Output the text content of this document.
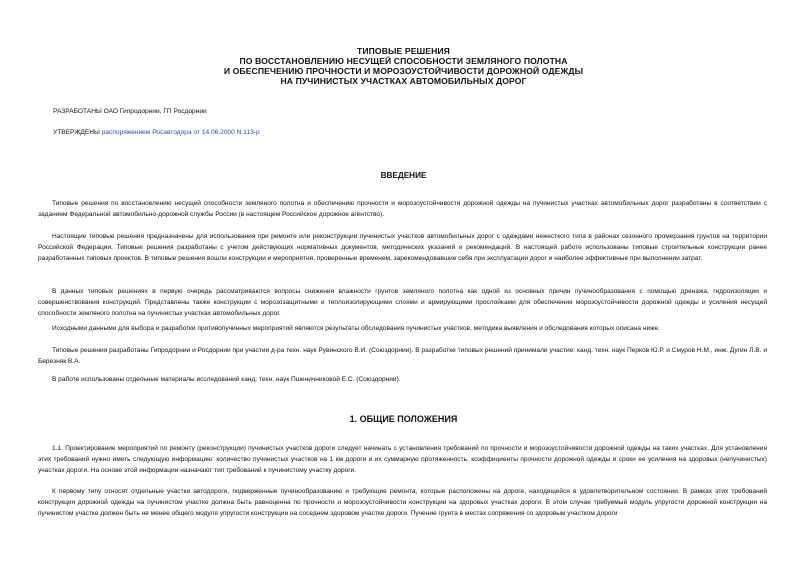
ТИПОВЫЕ РЕШЕНИЯ
ПО ВОССТАНОВЛЕНИЮ НЕСУЩЕЙ СПОСОБНОСТИ ЗЕМЛЯНОГО ПОЛОТНА
И ОБЕСПЕЧЕНИЮ ПРОЧНОСТИ И МОРОЗОУСТОЙЧИВОСТИ ДОРОЖНОЙ ОДЕЖДЫ
НА ПУЧИНИСТЫХ УЧАСТКАХ АВТОМОБИЛЬНЫХ ДОРОГ
РАЗРАБОТАНЫ ОАО Гипродорнии, ГП Росдорнии
УТВЕРЖДЕНЫ распоряжением Росавтодора от 14.06.2000 N 113-р
ВВЕДЕНИЕ
Типовые решения по восстановлению несущей способности земляного полотна и обеспечению прочности и морозоустойчивости дорожной одежды на пучинистых участках автомобильных дорог разработаны в соответствии с заданием Федеральной автомобильно-дорожной службы России (в настоящем Российское дорожное агентство).
Настоящие типовые решения предназначены для использования при ремонте или реконструкции пучинистых участков автомобильных дорог с одеждами нежесткого типа в районах сезонного промерзания грунтов на территории Российской Федерации. Типовые решения разработаны с учетом действующих нормативных документов, методических указаний и рекомендаций. В настоящей работе использованы типовые строительные конструкции ранее разработанных типовых проектов. В типовые решения вошли конструкции и мероприятия, проверенные временем, зарекомендовавшие себя при эксплуатации дорог и наиболее эффективные при выполнении затрат.
В данных типовых решениях в первую очередь рассматриваются вопросы снижения влажности грунтов земляного полотна как одной из основных причин пучинообразования с помощью дренажа, гидроизоляции и совершенствования конструкций. Представлены также конструкции с морозозащитными и теплоизолирующими слоями и армирующими прослойками для обеспечения морозоустойчивости дорожной одежды и усиления несущей способности земляного полотна на пучинистых участках автомобильных дорог.
Исходными данными для выбора и разработки противопучинных мероприятий являются результаты обследования пучинистых участков, методика выявления и обследования которых описана ниже.
Типовые решения разработаны Гипродорнии и Росдорнии при участии д-ра техн. наук Рувинского В.И. (Союздорнии). В разработке типовых решений принимали участие: канд. техн. наук Перков Ю.Р. и Смуров Н.М., инж. Дугин Л.В. и Березняк В.А.
В работе использованы отдельные материалы исследований канд. техн. наук Пшеничниковой Е.С. (Союздорнии).
1. ОБЩИЕ ПОЛОЖЕНИЯ
1.1. Проектирование мероприятий по ремонту (реконструкции) пучинистых участков дороги следует начинать с установления требований по прочности и морозоустойчивости дорожной одежды на таких участках. Для установления этих требований нужно иметь следующую информацию: количество пучинистых участков на 1 км дороги и их суммарную протяженность, коэффициенты прочности дорожной одежды и сроки ее усиления на здоровых (непучинистых) участках дороги. На основе этой информации назначают тип требований к пучинистому участку дороги.
К первому типу относят отдельные участки автодороги, подверженные пучинообразованию и требующие ремонта, которые расположены на дороге, находящейся в удовлетворительном состоянии. В рамках этих требований конструкция дорожной одежды на пучинистом участке должна быть равноценна по прочности и морозоустойчивости конструкции на здоровых участках дороги. В этом случае требуемый модуль упругости дорожной конструкции на пучинистом участке должен быть не менее общего модуля упругости конструкции на соседнем здоровом участке дороги. Пучение грунта в местах сопряжения со здоровым участком дороги
